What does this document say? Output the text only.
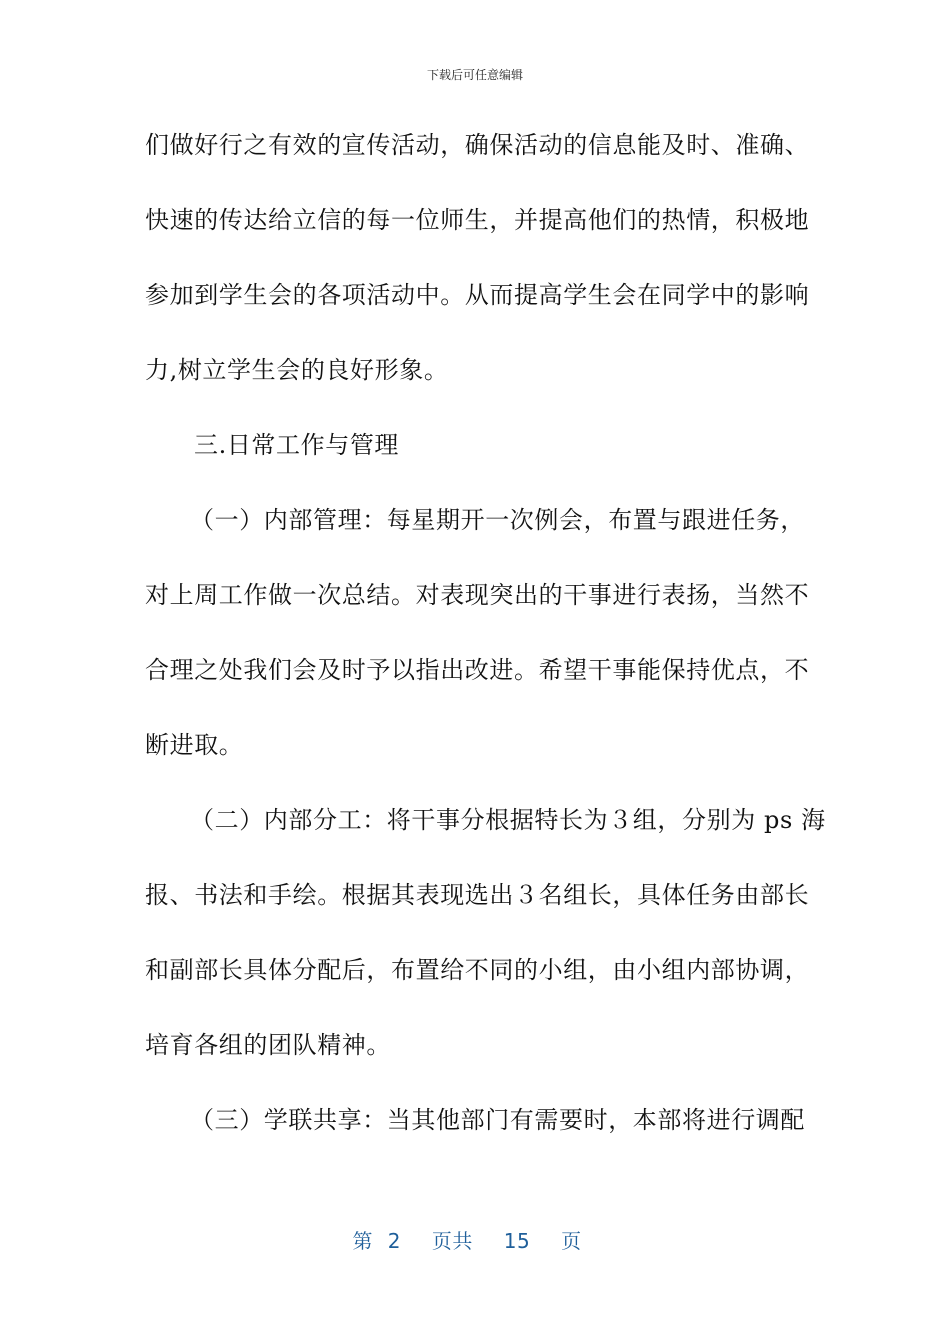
下载后可任意编辑
们做好行之有效的宣传活动，确保活动的信息能及时、准确、
快速的传达给立信的每一位师生，并提高他们的热情，积极地
参加到学生会的各项活动中。从而提高学生会在同学中的影响
力,树立学生会的良好形象。
三.日常工作与管理
（一）内部管理：每星期开一次例会，布置与跟进任务，
对上周工作做一次总结。对表现突出的干事进行表扬，当然不
合理之处我们会及时予以指出改进。希望干事能保持优点，不
断进取。
（二）内部分工：将干事分根据特长为３组，分别为 ps 海
报、书法和手绘。根据其表现选出３名组长，具体任务由部长
和副部长具体分配后，布置给不同的小组，由小组内部协调，
培育各组的团队精神。
（三）学联共享：当其他部门有需要时，本部将进行调配
第 2 页共 15 页
